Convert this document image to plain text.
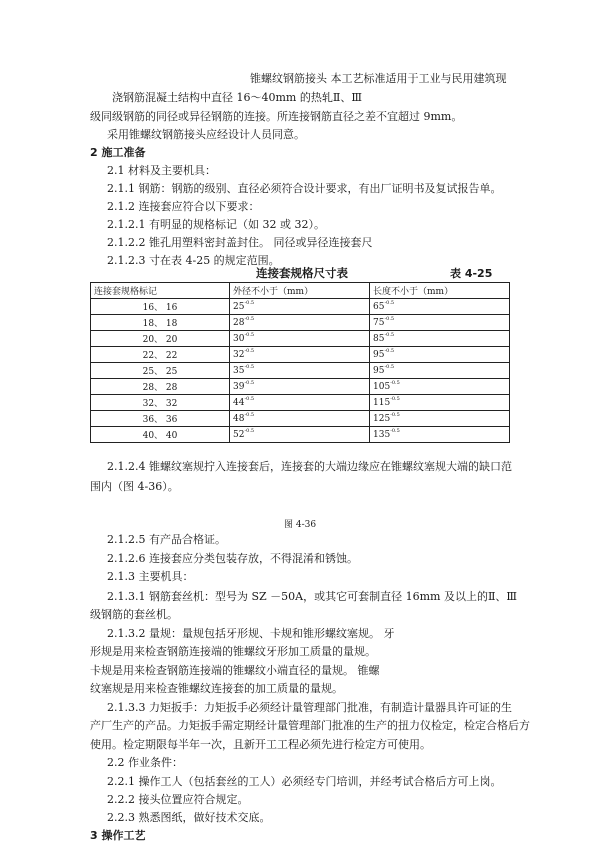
锥螺纹钢筋接头 本工艺标准适用于工业与民用建筑现
浇钢筋混凝土结构中直径 16～40mm 的热轧Ⅱ、Ⅲ
级同级钢筋的同径或异径钢筋的连接。所连接钢筋直径之差不宜超过 9mm。
采用锥螺纹钢筋接头应经设计人员同意。
2 施工准备
2.1 材料及主要机具：
2.1.1 钢筋：钢筋的级别、直径必须符合设计要求，有出厂证明书及复试报告单。
2.1.2 连接套应符合以下要求：
2.1.2.1 有明显的规格标记（如 32 或 32）。
2.1.2.2 锥孔用塑料密封盖封住。 同径或异径连接套尺
2.1.2.3 寸在表 4-25 的规定范围。
连接套规格尺寸表	表 4-25
连接套规格标记	外径不小于（mm）	长度不小于（mm）
16、 16	$25^{-0.5}$	$65^{-0.5}$
18、 18	$28^{-0.5}$	$75^{-0.5}$
20、 20	$30^{-0.5}$	$85^{-0.5}$
22、 22	$32^{-0.5}$	$95^{-0.5}$
25、 25	$35^{-0.5}$	$95^{-0.5}$
28、 28	$39^{-0.5}$	$105^{-0.5}$
32、 32	$44^{-0.5}$	$115^{-0.5}$
36、 36	$48^{-0.5}$	$125^{-0.5}$
40、 40	$52^{-0.5}$	$135^{-0.5}$
2.1.2.4 锥螺纹塞规拧入连接套后，连接套的大端边缘应在锥螺纹塞规大端的缺口范
围内（图 4-36）。
图 4-36
2.1.2.5 有产品合格证。
2.1.2.6 连接套应分类包装存放，不得混淆和锈蚀。
2.1.3 主要机具：
2.1.3.1 钢筋套丝机：型号为 SZ －50A，或其它可套制直径 16mm 及以上的Ⅱ、Ⅲ
级钢筋的套丝机。
2.1.3.2 量规：量规包括牙形规、卡规和锥形螺纹塞规。 牙
形规是用来检查钢筋连接端的锥螺纹牙形加工质量的量规。
卡规是用来检查钢筋连接端的锥螺纹小端直径的量规。 锥螺
纹塞规是用来检查锥螺纹连接套的加工质量的量规。
2.1.3.3 力矩扳手：力矩扳手必须经计量管理部门批准，有制造计量器具许可证的生
产厂生产的产品。力矩扳手需定期经计量管理部门批准的生产的扭力仪检定，检定合格后方
使用。检定期限每半年一次，且新开工工程必须先进行检定方可使用。
2.2 作业条件：
2.2.1 操作工人（包括套丝的工人）必须经专门培训，并经考试合格后方可上岗。
2.2.2 接头位置应符合规定。
2.2.3 熟悉图纸，做好技术交底。
3 操作工艺
